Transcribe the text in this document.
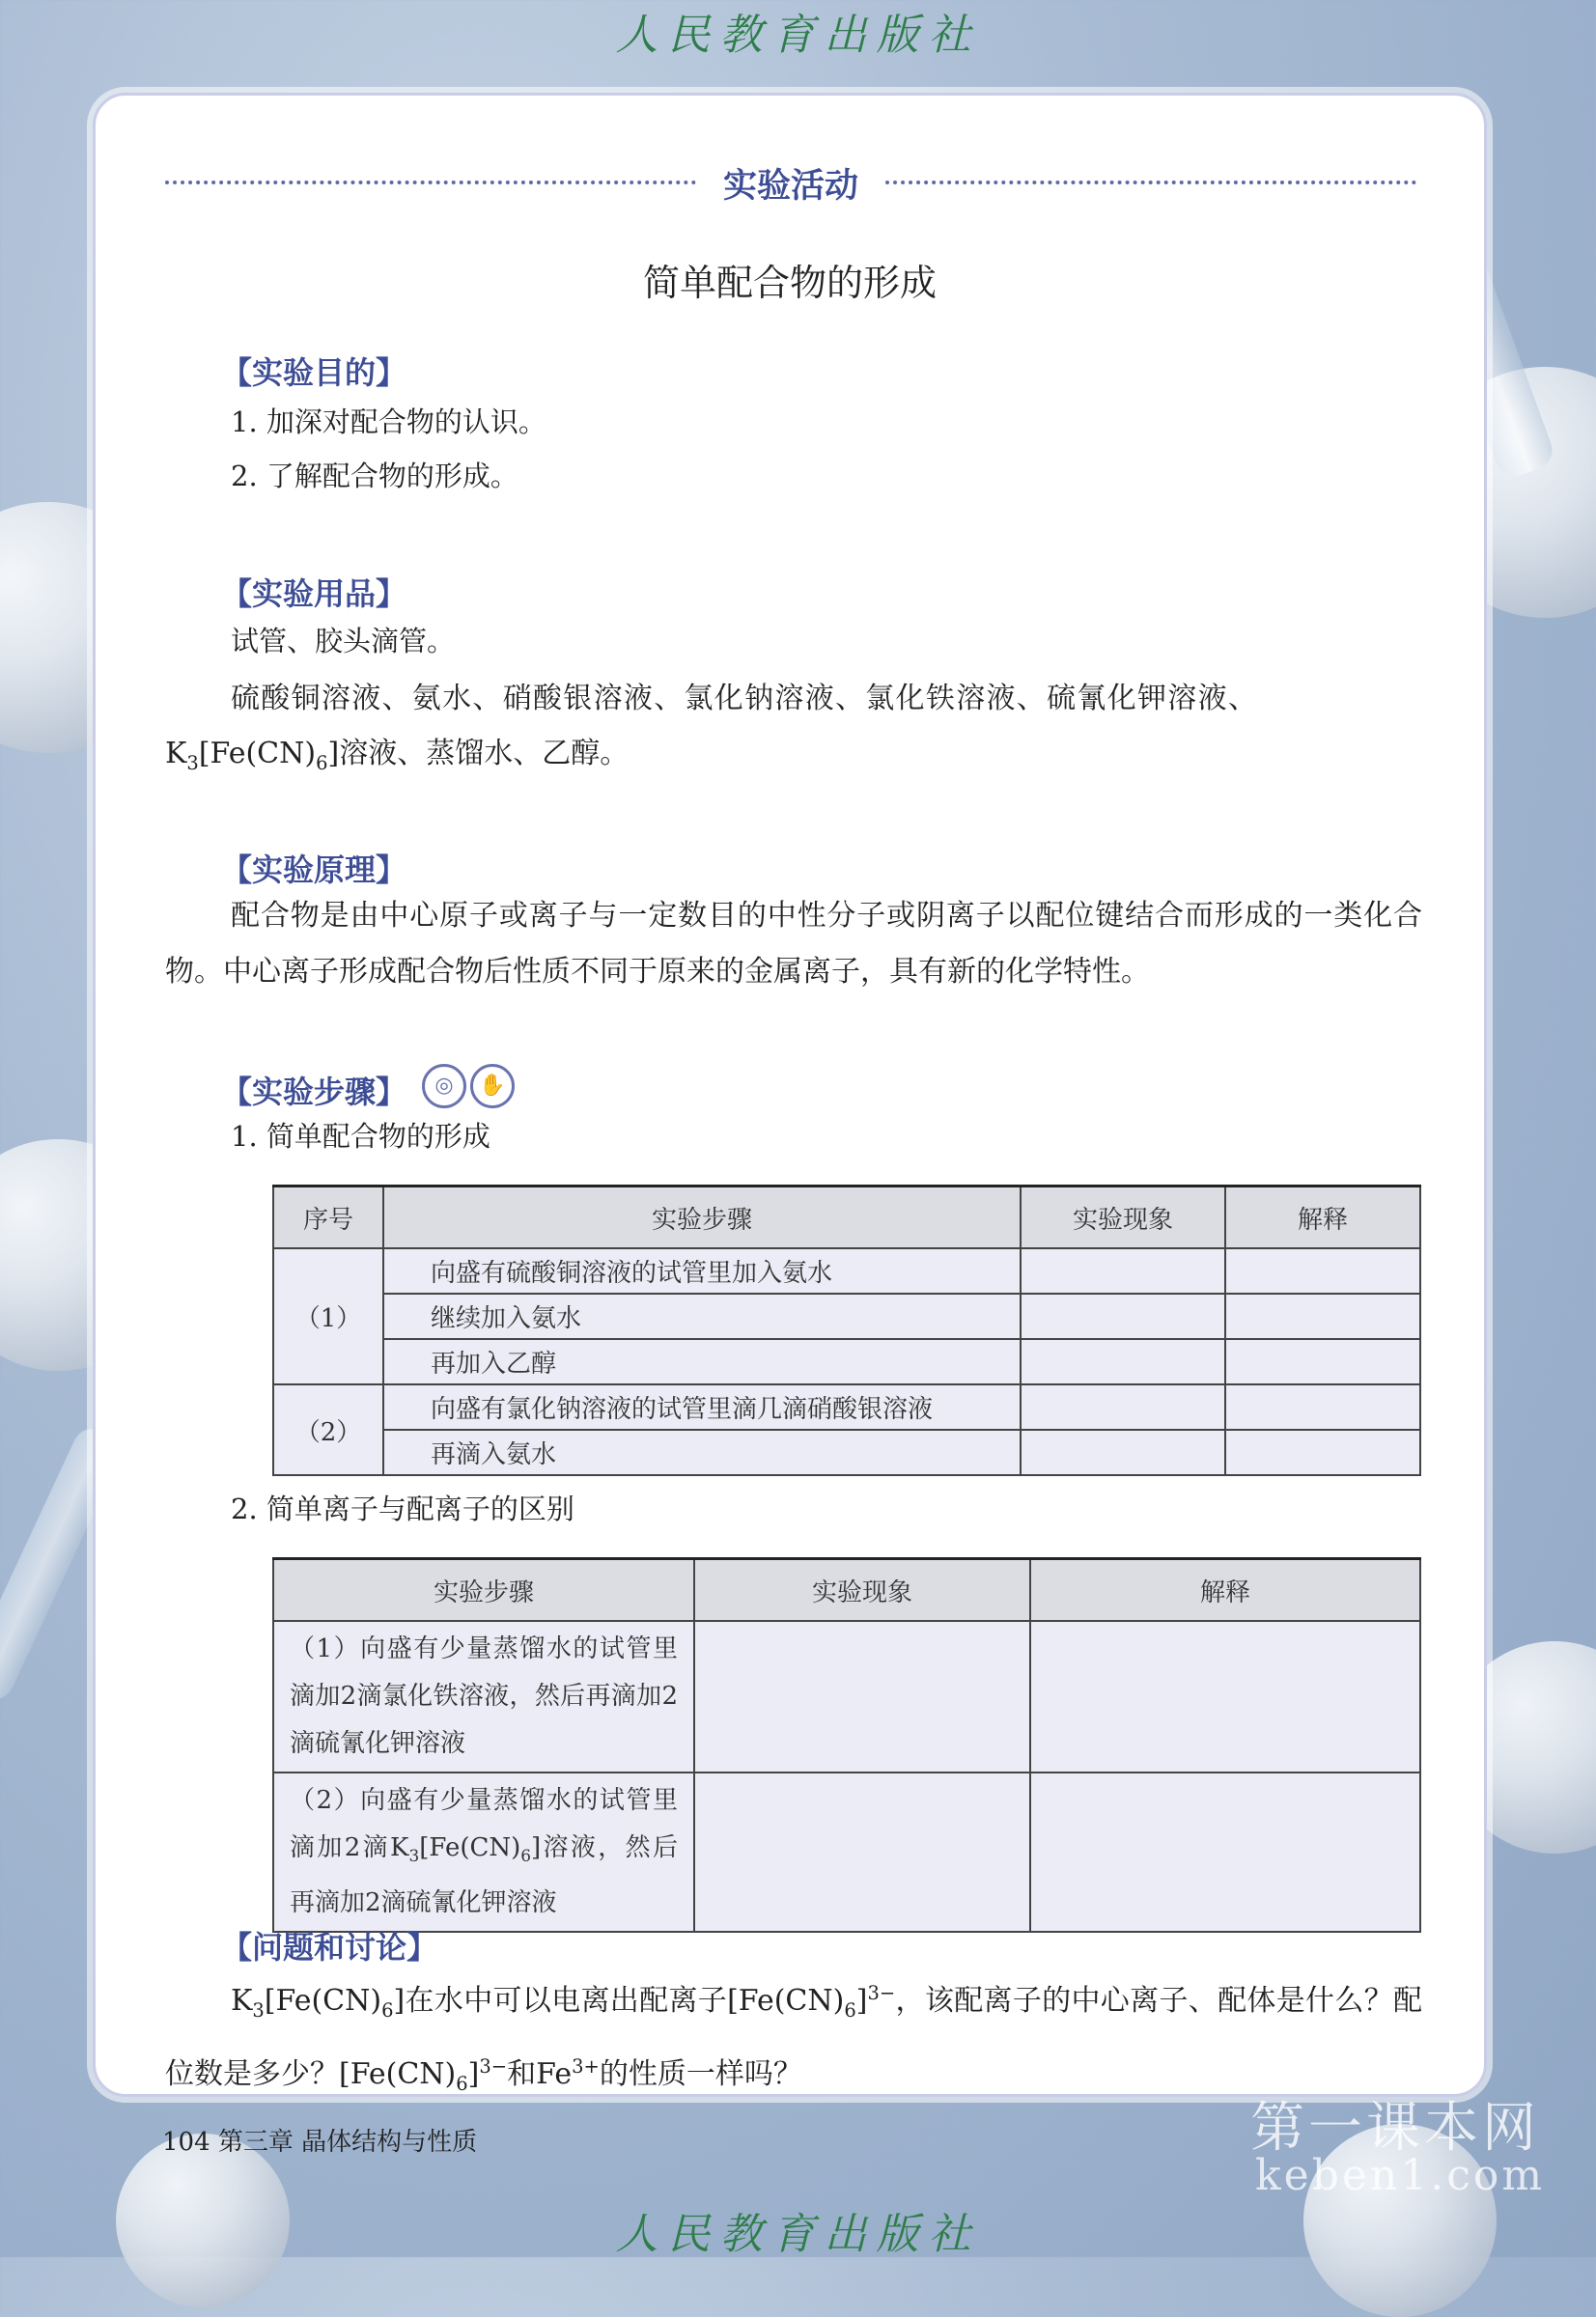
人民教育出版社
实验活动
简单配合物的形成
【实验目的】
1. 加深对配合物的认识。
2. 了解配合物的形成。
【实验用品】
试管、胶头滴管。
硫酸铜溶液、氨水、硝酸银溶液、氯化钠溶液、氯化铁溶液、硫氰化钾溶液、
$K_3[Fe(CN)_6]$溶液、蒸馏水、乙醇。
【实验原理】
配合物是由中心原子或离子与一定数目的中性分子或阴离子以配位键结合而形成的一类化合物。中心离子形成配合物后性质不同于原来的金属离子，具有新的化学特性。
【实验步骤】	◎ ✋
1. 简单配合物的形成
序号	实验步骤	实验现象	解释
（1）	向盛有硫酸铜溶液的试管里加入氨水		
	继续加入氨水		
	再加入乙醇		
（2）	向盛有氯化钠溶液的试管里滴几滴硝酸银溶液		
	再滴入氨水		
2. 简单离子与配离子的区别
实验步骤	实验现象	解释
（1）向盛有少量蒸馏水的试管里滴加2滴氯化铁溶液，然后再滴加2滴硫氰化钾溶液		
（2）向盛有少量蒸馏水的试管里滴加2滴$K_3[Fe(CN)_6]$溶液，然后再滴加2滴硫氰化钾溶液		
【问题和讨论】
$K_3[Fe(CN)_6]$在水中可以电离出配离子$[Fe(CN)_6]^{3-}$，该配离子的中心离子、配体是什么？配位数是多少？$[Fe(CN)_6]^{3-}$和$Fe^{3+}$的性质一样吗？
104 第三章 晶体结构与性质	第一课本网
keben1.com
人民教育出版社
